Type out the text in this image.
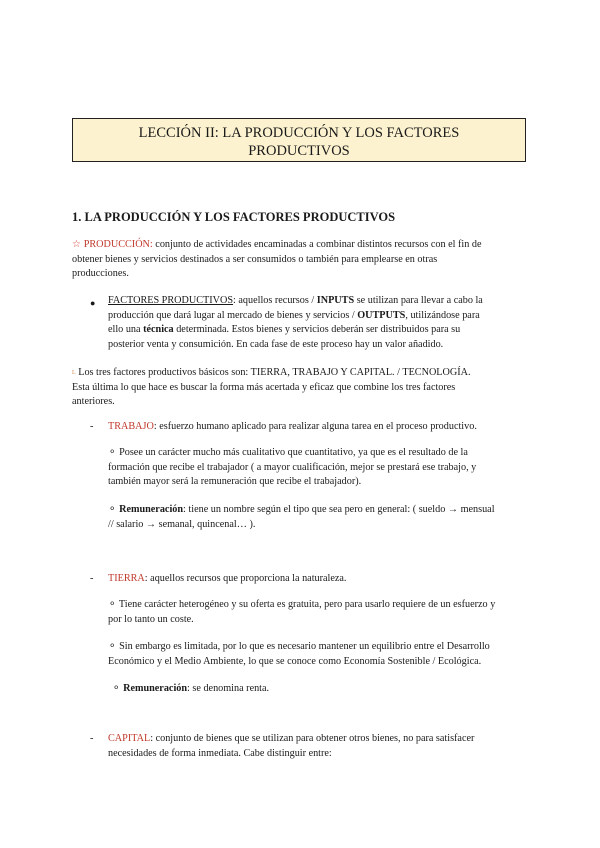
LECCIÓN II: LA PRODUCCIÓN Y LOS FACTORES
PRODUCTIVOS
1. LA PRODUCCIÓN Y LOS FACTORES PRODUCTIVOS
☆ PRODUCCIÓN: conjunto de actividades encaminadas a combinar distintos recursos con el fin de
obtener bienes y servicios destinados a ser consumidos o también para emplearse en otras
producciones.
● FACTORES PRODUCTIVOS: aquellos recursos / INPUTS se utilizan para llevar a cabo la
producción que dará lugar al mercado de bienes y servicios / OUTPUTS, utilizándose para
ello una técnica determinada. Estos bienes y servicios deberán ser distribuidos para su
posterior venta y consumición. En cada fase de este proceso hay un valor añadido.
$^L$ Los tres factores productivos básicos son: TIERRA, TRABAJO Y CAPITAL. / TECNOLOGÍA.
Esta última lo que hace es buscar la forma más acertada y eficaz que combine los tres factores
anteriores.
- TRABAJO: esfuerzo humano aplicado para realizar alguna tarea en el proceso productivo.
⚬ Posee un carácter mucho más cualitativo que cuantitativo, ya que es el resultado de la
formación que recibe el trabajador ( a mayor cualificación, mejor se prestará ese trabajo, y
también mayor será la remuneración que recibe el trabajador).
⚬ Remuneración: tiene un nombre según el tipo que sea pero en general: ( sueldo → mensual
// salario → semanal, quincenal… ).
- TIERRA: aquellos recursos que proporciona la naturaleza.
⚬ Tiene carácter heterogéneo y su oferta es gratuita, pero para usarlo requiere de un esfuerzo y
por lo tanto un coste.
⚬ Sin embargo es limitada, por lo que es necesario mantener un equilibrio entre el Desarrollo
Económico y el Medio Ambiente, lo que se conoce como Economía Sostenible / Ecológica.
⚬ Remuneración: se denomina renta.
- CAPITAL: conjunto de bienes que se utilizan para obtener otros bienes, no para satisfacer
necesidades de forma inmediata. Cabe distinguir entre:
